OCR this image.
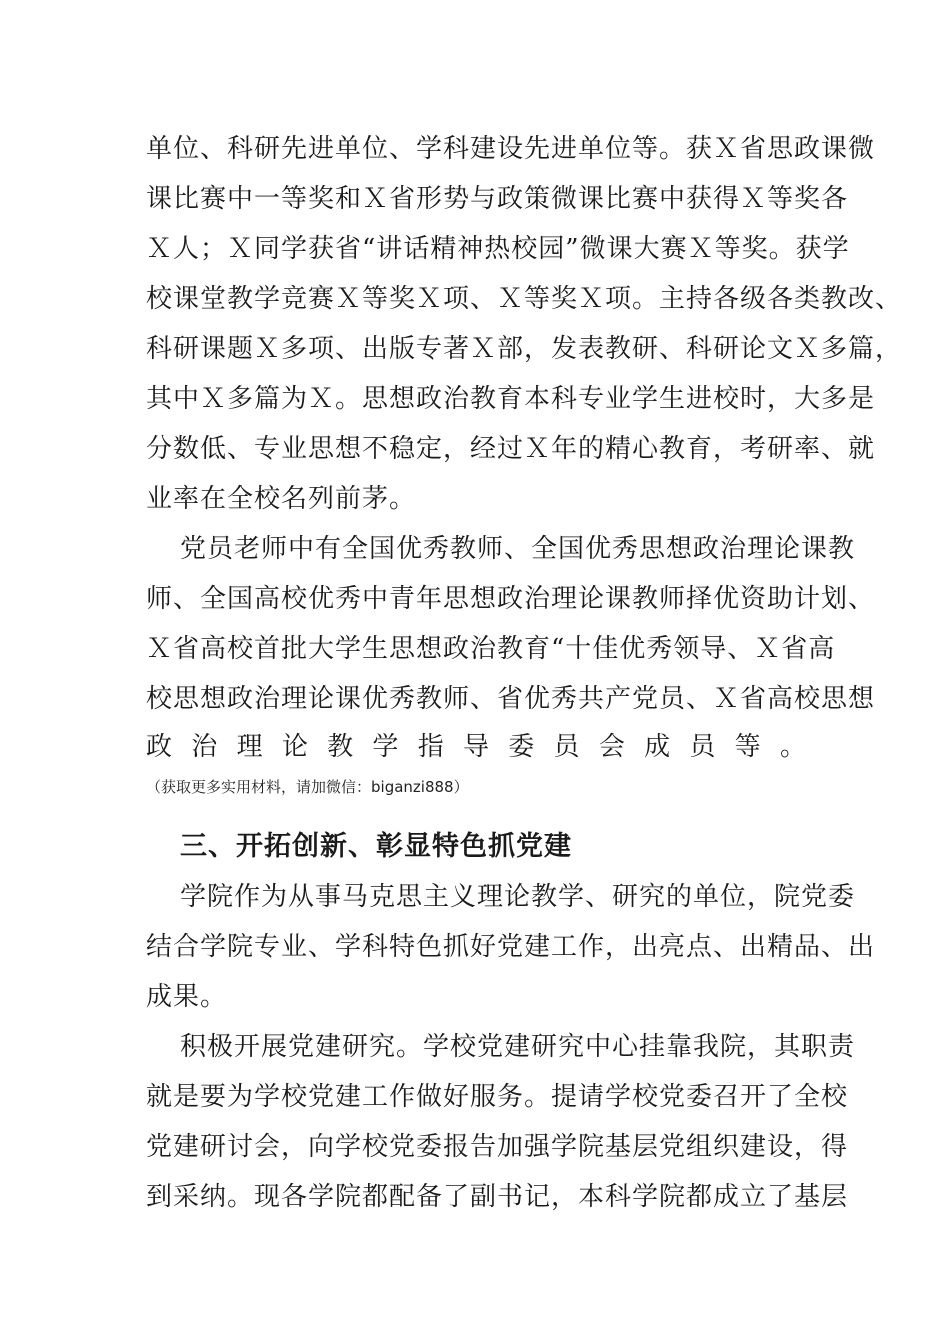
单位、科研先进单位、学科建设先进单位等。获Ｘ省思政课微
课比赛中一等奖和Ｘ省形势与政策微课比赛中获得Ｘ等奖各
Ｘ人；Ｘ同学获省“讲话精神热校园”微课大赛Ｘ等奖。获学
校课堂教学竞赛Ｘ等奖Ｘ项、Ｘ等奖Ｘ项。主持各级各类教改、
科研课题Ｘ多项、出版专著Ｘ部，发表教研、科研论文Ｘ多篇，
其中Ｘ多篇为Ｘ。思想政治教育本科专业学生进校时，大多是
分数低、专业思想不稳定，经过Ｘ年的精心教育，考研率、就
业率在全校名列前茅。
党员老师中有全国优秀教师、全国优秀思想政治理论课教
师、全国高校优秀中青年思想政治理论课教师择优资助计划、
Ｘ省高校首批大学生思想政治教育“十佳优秀领导、Ｘ省高
校思想政治理论课优秀教师、省优秀共产党员、Ｘ省高校思想
政 治 理 论 教 学 指 导 委 员 会 成 员 等 。
（获取更多实用材料，请加微信：biganzi888）
三、开拓创新、彰显特色抓党建
学院作为从事马克思主义理论教学、研究的单位，院党委
结合学院专业、学科特色抓好党建工作，出亮点、出精品、出
成果。
积极开展党建研究。学校党建研究中心挂靠我院，其职责
就是要为学校党建工作做好服务。提请学校党委召开了全校
党建研讨会，向学校党委报告加强学院基层党组织建设，得
到采纳。现各学院都配备了副书记，本科学院都成立了基层
